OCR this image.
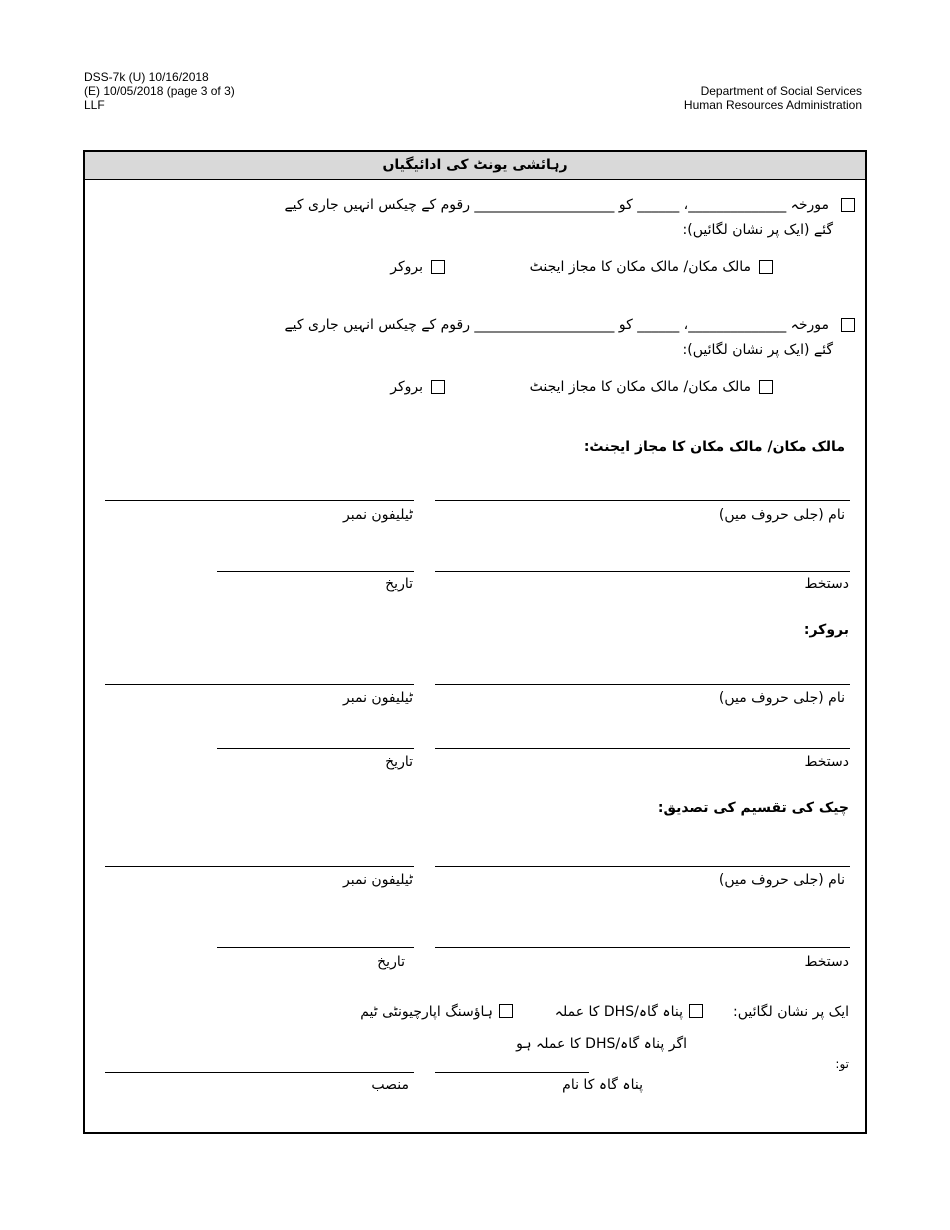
DSS-7k (U) 10/16/2018
(E) 10/05/2018 (page 3 of 3)
LLF
Department of Social Services
Human Resources Administration
رہائشی یونٹ کی ادائیگیاں
مورخہ ______________، ______ کو ____________________ رقوم کے چیکس انہیں جاری کیے
گئے (ایک پر نشان لگائیں):
مالک مکان/ مالک مکان کا مجاز ایجنٹ
بروکر
مورخہ ______________، ______ کو ____________________ رقوم کے چیکس انہیں جاری کیے
گئے (ایک پر نشان لگائیں):
مالک مکان/ مالک مکان کا مجاز ایجنٹ
بروکر
مالک مکان/ مالک مکان کا مجاز ایجنٹ:
نام (جلی حروف میں)
ٹیلیفون نمبر
دستخط
تاریخ
بروکر:
نام (جلی حروف میں)
ٹیلیفون نمبر
دستخط
تاریخ
چیک کی تقسیم کی تصدیق:
نام (جلی حروف میں)
ٹیلیفون نمبر
دستخط
تاریخ
ایک پر نشان لگائیں:
پناہ گاہ/DHS کا عملہ
ہاؤسنگ اپارچیونٹی ٹیم
اگر پناہ گاہ/DHS کا عملہ ہو
تو:
پناہ گاہ کا نام
منصب
